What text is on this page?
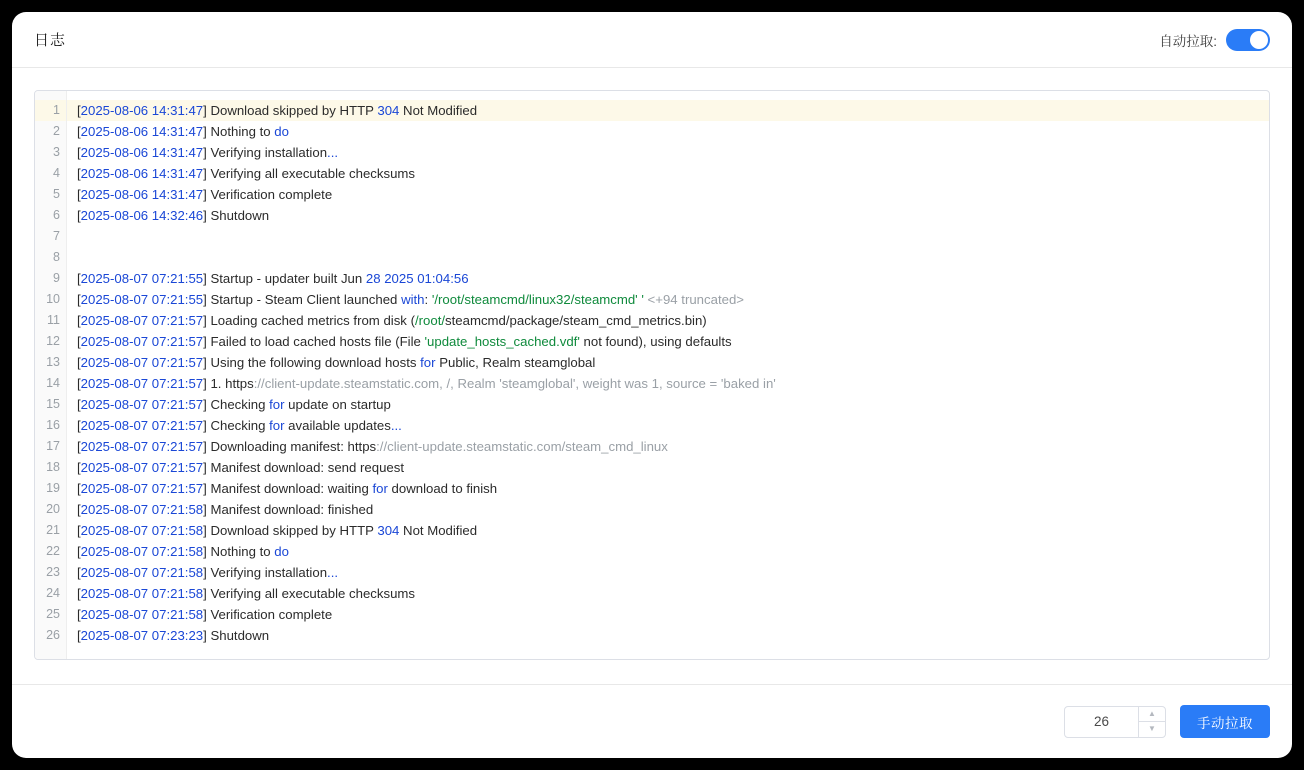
日志	自动拉取:
1
2
3
4
5
6
7
8
9
10
11
12
13
14
15
16
17
18
19
20
21
22
23
24
25
26
[2025-08-06 14:31:47] Download skipped by HTTP 304 Not Modified
[2025-08-06 14:31:47] Nothing to do
[2025-08-06 14:31:47] Verifying installation...
[2025-08-06 14:31:47] Verifying all executable checksums
[2025-08-06 14:31:47] Verification complete
[2025-08-06 14:32:46] Shutdown

[2025-08-07 07:21:55] Startup - updater built Jun 28 2025 01:04:56
[2025-08-07 07:21:55] Startup - Steam Client launched with: '/root/steamcmd/linux32/steamcmd' ' <+94 truncated>
[2025-08-07 07:21:57] Loading cached metrics from disk (/root/steamcmd/package/steam_cmd_metrics.bin)
[2025-08-07 07:21:57] Failed to load cached hosts file (File 'update_hosts_cached.vdf' not found), using defaults
[2025-08-07 07:21:57] Using the following download hosts for Public, Realm steamglobal
[2025-08-07 07:21:57] 1. https://client-update.steamstatic.com, /, Realm 'steamglobal', weight was 1, source = 'baked in'
[2025-08-07 07:21:57] Checking for update on startup
[2025-08-07 07:21:57] Checking for available updates...
[2025-08-07 07:21:57] Downloading manifest: https://client-update.steamstatic.com/steam_cmd_linux
[2025-08-07 07:21:57] Manifest download: send request
[2025-08-07 07:21:57] Manifest download: waiting for download to finish
[2025-08-07 07:21:58] Manifest download: finished
[2025-08-07 07:21:58] Download skipped by HTTP 304 Not Modified
[2025-08-07 07:21:58] Nothing to do
[2025-08-07 07:21:58] Verifying installation...
[2025-08-07 07:21:58] Verifying all executable checksums
[2025-08-07 07:21:58] Verification complete
[2025-08-07 07:23:23] Shutdown
26
▲
▼	手动拉取
